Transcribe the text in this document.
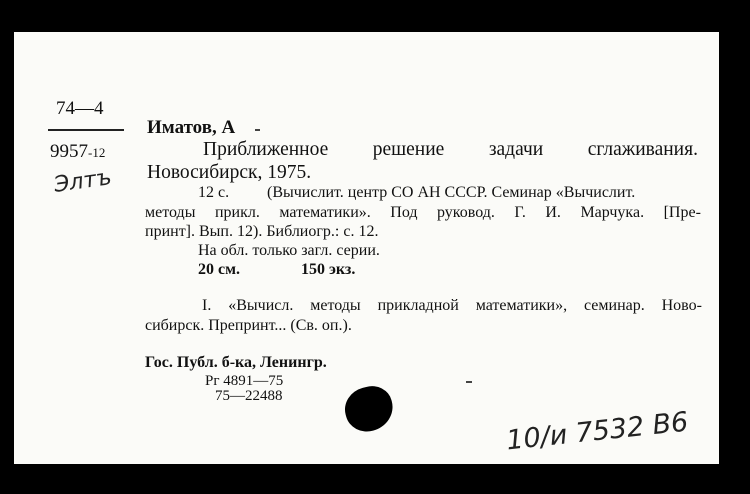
74—4
9957-12
Элтъ
Иматов, А
Приближенное решение задачи сглаживания.
Новосибирск, 1975.
12 с. (Вычислит. центр СО АН СССР. Семинар «Вычислит.
методы прикл. математики». Под руковод. Г. И. Марчука. [Пре-
принт]. Вып. 12). Библиогр.: с. 12.
На обл. только загл. серии.
20 см.	150 экз.
I. «Вычисл. методы прикладной математики», семинар. Ново-
сибирск. Препринт... (Св. оп.).
Гос. Публ. б-ка, Ленингр.
Рг 4891—75
75—22488
10/и 7532 В6
